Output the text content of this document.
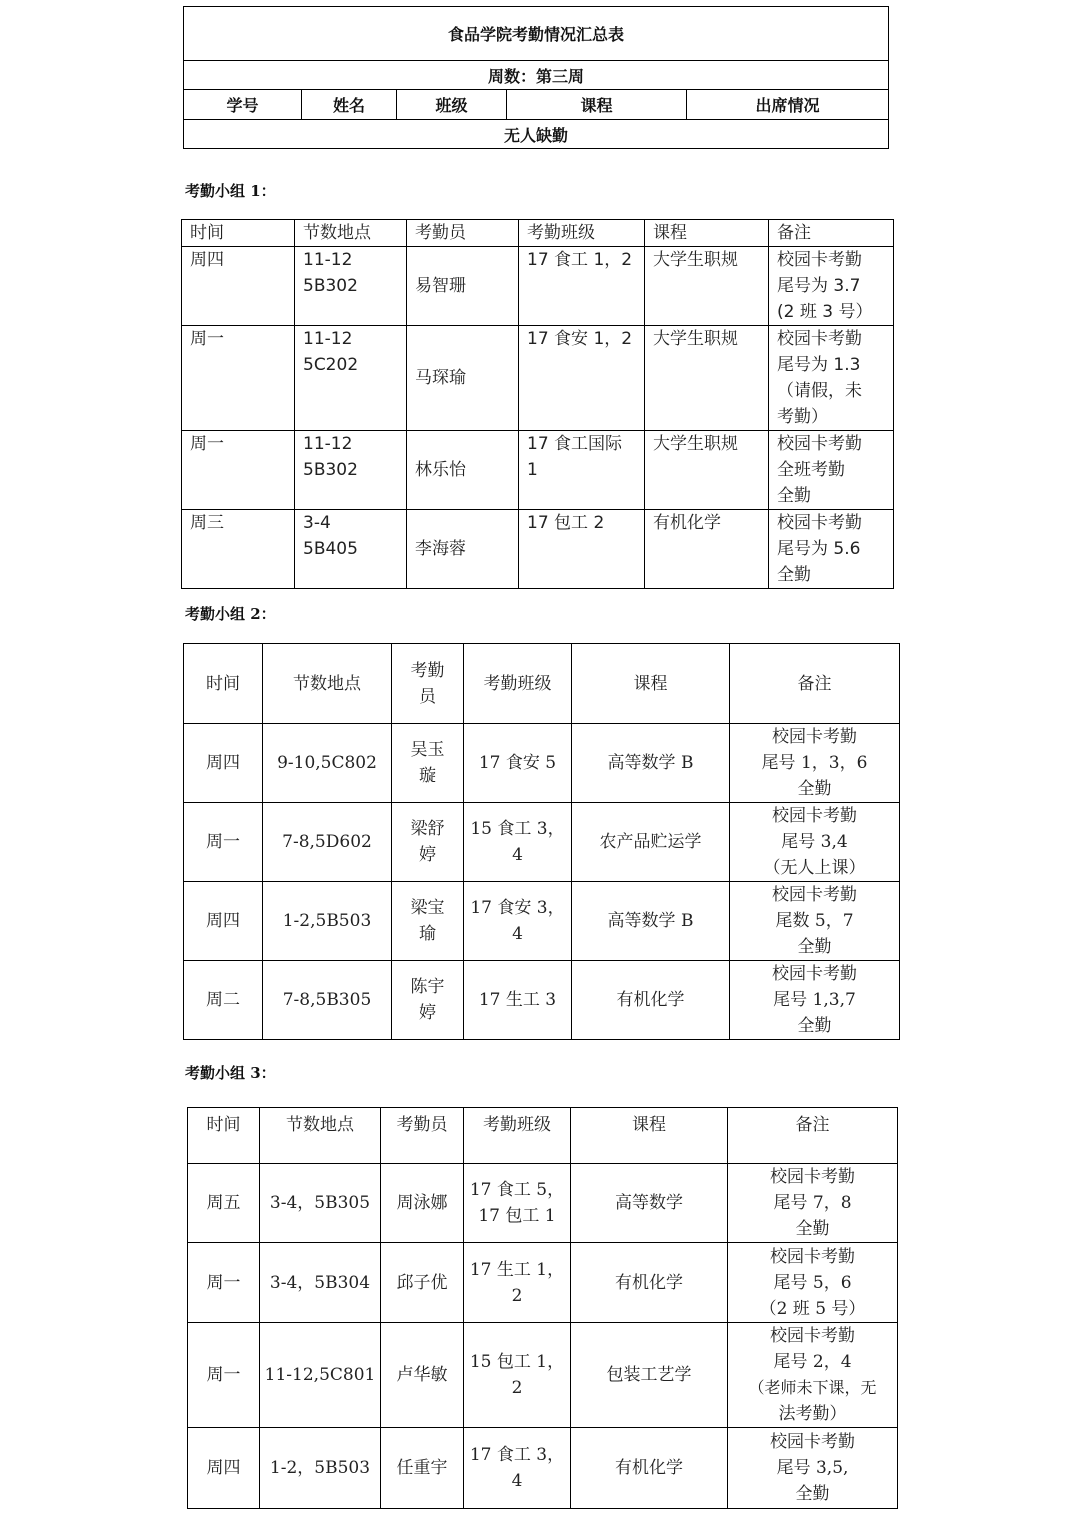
食品学院考勤情况汇总表
周数：第三周
学号	姓名	班级	课程	出席情况
无人缺勤
考勤小组 1：
时间	节数地点	考勤员	考勤班级	课程	备注
周四	11-12
5B302	易智珊	17 食工 1，2	大学生职规	校园卡考勤
尾号为 3.7
(2 班 3 号）

周一	11-12
5C202	马琛瑜	17 食安 1，2	大学生职规	校园卡考勤
尾号为 1.3
（请假，未
考勤）

周一	11-12
5B302	林乐怡	17 食工国际
1	大学生职规	校园卡考勤
全班考勤
全勤

周三	3-4
5B405	李海蓉	17 包工 2	有机化学	校园卡考勤
尾号为 5.6
全勤
考勤小组 2：
时间	节数地点	考勤
员	考勤班级	课程	备注
周四	9-10,5C802	吴玉
璇	17 食安 5	高等数学 B	校园卡考勤
尾号 1，3，6
全勤

周一	7-8,5D602	梁舒
婷	15 食工 3，
4	农产品贮运学	校园卡考勤
尾号 3,4
（无人上课）

周四	1-2,5B503	梁宝
瑜	17 食安 3，
4	高等数学 B	校园卡考勤
尾数 5，7
全勤

周二	7-8,5B305	陈宇
婷	17 生工 3	有机化学	校园卡考勤
尾号 1,3,7
全勤
考勤小组 3：
时间	节数地点	考勤员	考勤班级	课程	备注
周五	3-4，5B305	周泳娜	17 食工 5，
17 包工 1	高等数学	校园卡考勤
尾号 7，8
全勤

周一	3-4，5B304	邱子优	17 生工 1，
2	有机化学	校园卡考勤
尾号 5，6
（2 班 5 号）

周一	11-12,5C801	卢华敏	15 包工 1，
2	包装工艺学	校园卡考勤
尾号 2，4
（老师未下课，无
法考勤）

周四	1-2，5B503	任重宇	17 食工 3，
4	有机化学	校园卡考勤
尾号 3,5,
全勤
